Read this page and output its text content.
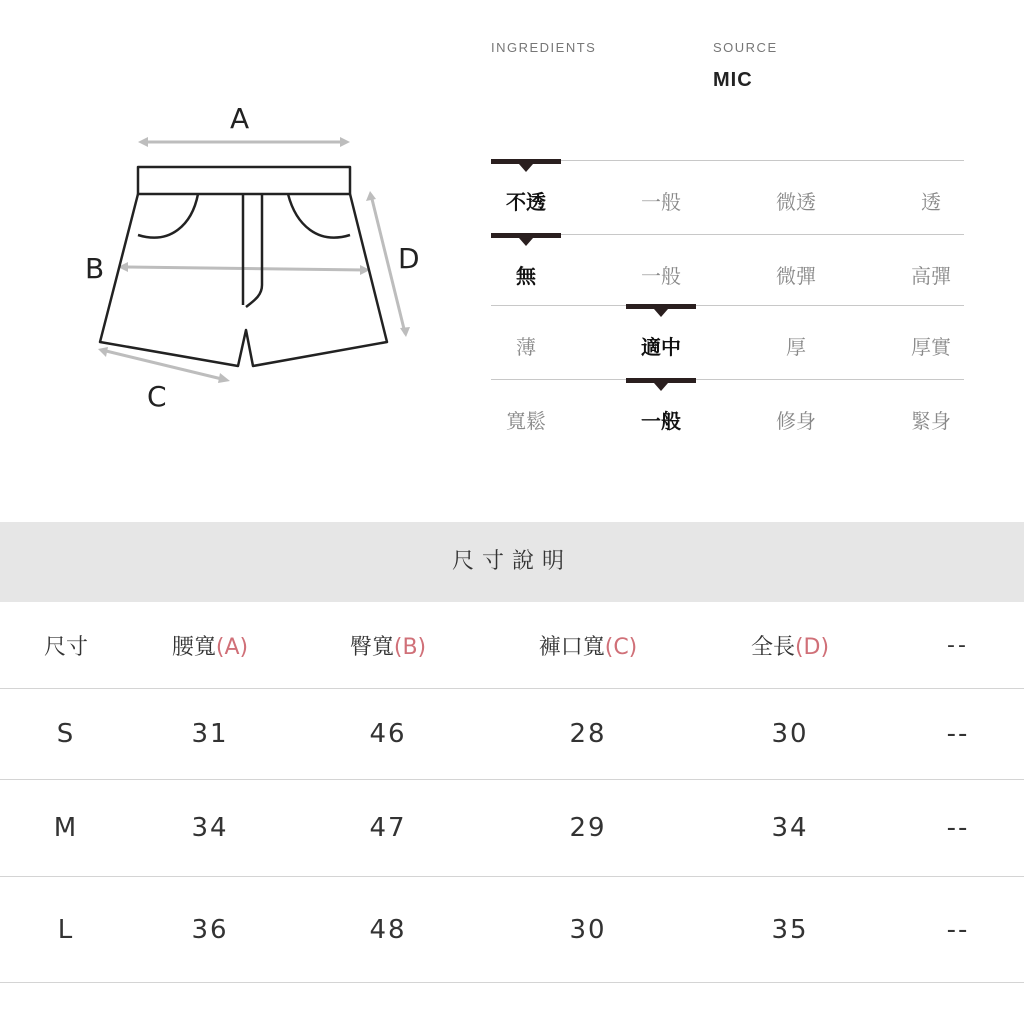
A
B
C
D
INGREDIENTS	SOURCE
MIC
不透	一般	微透	透
無	一般	微彈	高彈
薄	適中	厚	厚實
寬鬆	一般	修身	緊身
尺寸說明
尺寸	腰寬(A)	臀寬(B)	褲口寬(C)	全長(D)	--
S	31	46	28	30	--
M	34	47	29	34	--
L	36	48	30	35	--
